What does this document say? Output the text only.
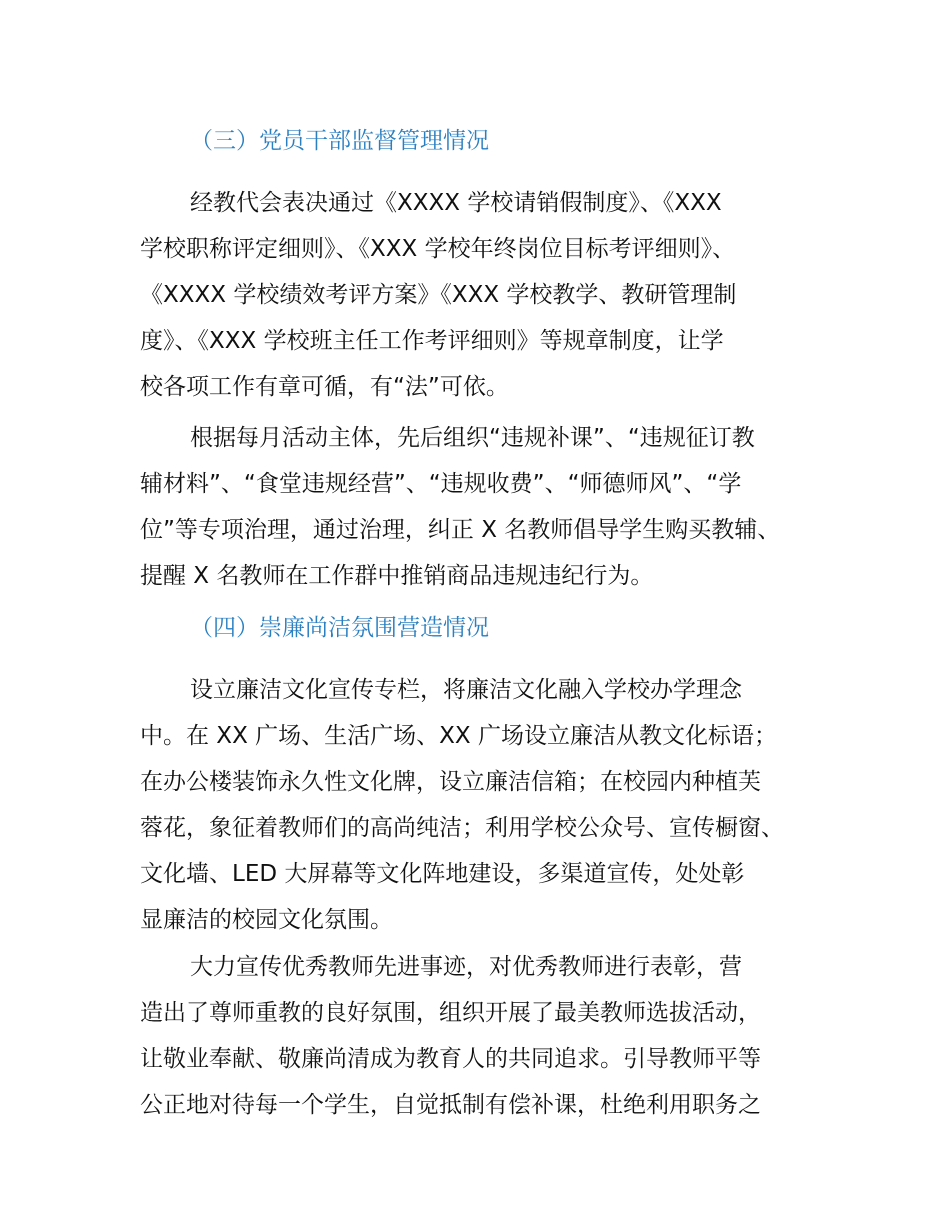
（三）党员干部监督管理情况
经教代会表决通过《XXXX 学校请销假制度》、《XXX
学校职称评定细则》、《XXX 学校年终岗位目标考评细则》、
《XXXX 学校绩效考评方案》《XXX 学校教学、教研管理制
度》、《XXX 学校班主任工作考评细则》等规章制度，让学
校各项工作有章可循，有“法”可依。
根据每月活动主体，先后组织“违规补课”、“违规征订教
辅材料”、“食堂违规经营”、“违规收费”、“师德师风”、“学
位”等专项治理，通过治理，纠正 X 名教师倡导学生购买教辅、
提醒 X 名教师在工作群中推销商品违规违纪行为。
（四）崇廉尚洁氛围营造情况
设立廉洁文化宣传专栏，将廉洁文化融入学校办学理念
中。在 XX 广场、生活广场、XX 广场设立廉洁从教文化标语；
在办公楼装饰永久性文化牌，设立廉洁信箱；在校园内种植芙
蓉花，象征着教师们的高尚纯洁；利用学校公众号、宣传橱窗、
文化墙、LED 大屏幕等文化阵地建设，多渠道宣传，处处彰
显廉洁的校园文化氛围。
大力宣传优秀教师先进事迹，对优秀教师进行表彰，营
造出了尊师重教的良好氛围，组织开展了最美教师选拔活动，
让敬业奉献、敬廉尚清成为教育人的共同追求。引导教师平等
公正地对待每一个学生，自觉抵制有偿补课，杜绝利用职务之
